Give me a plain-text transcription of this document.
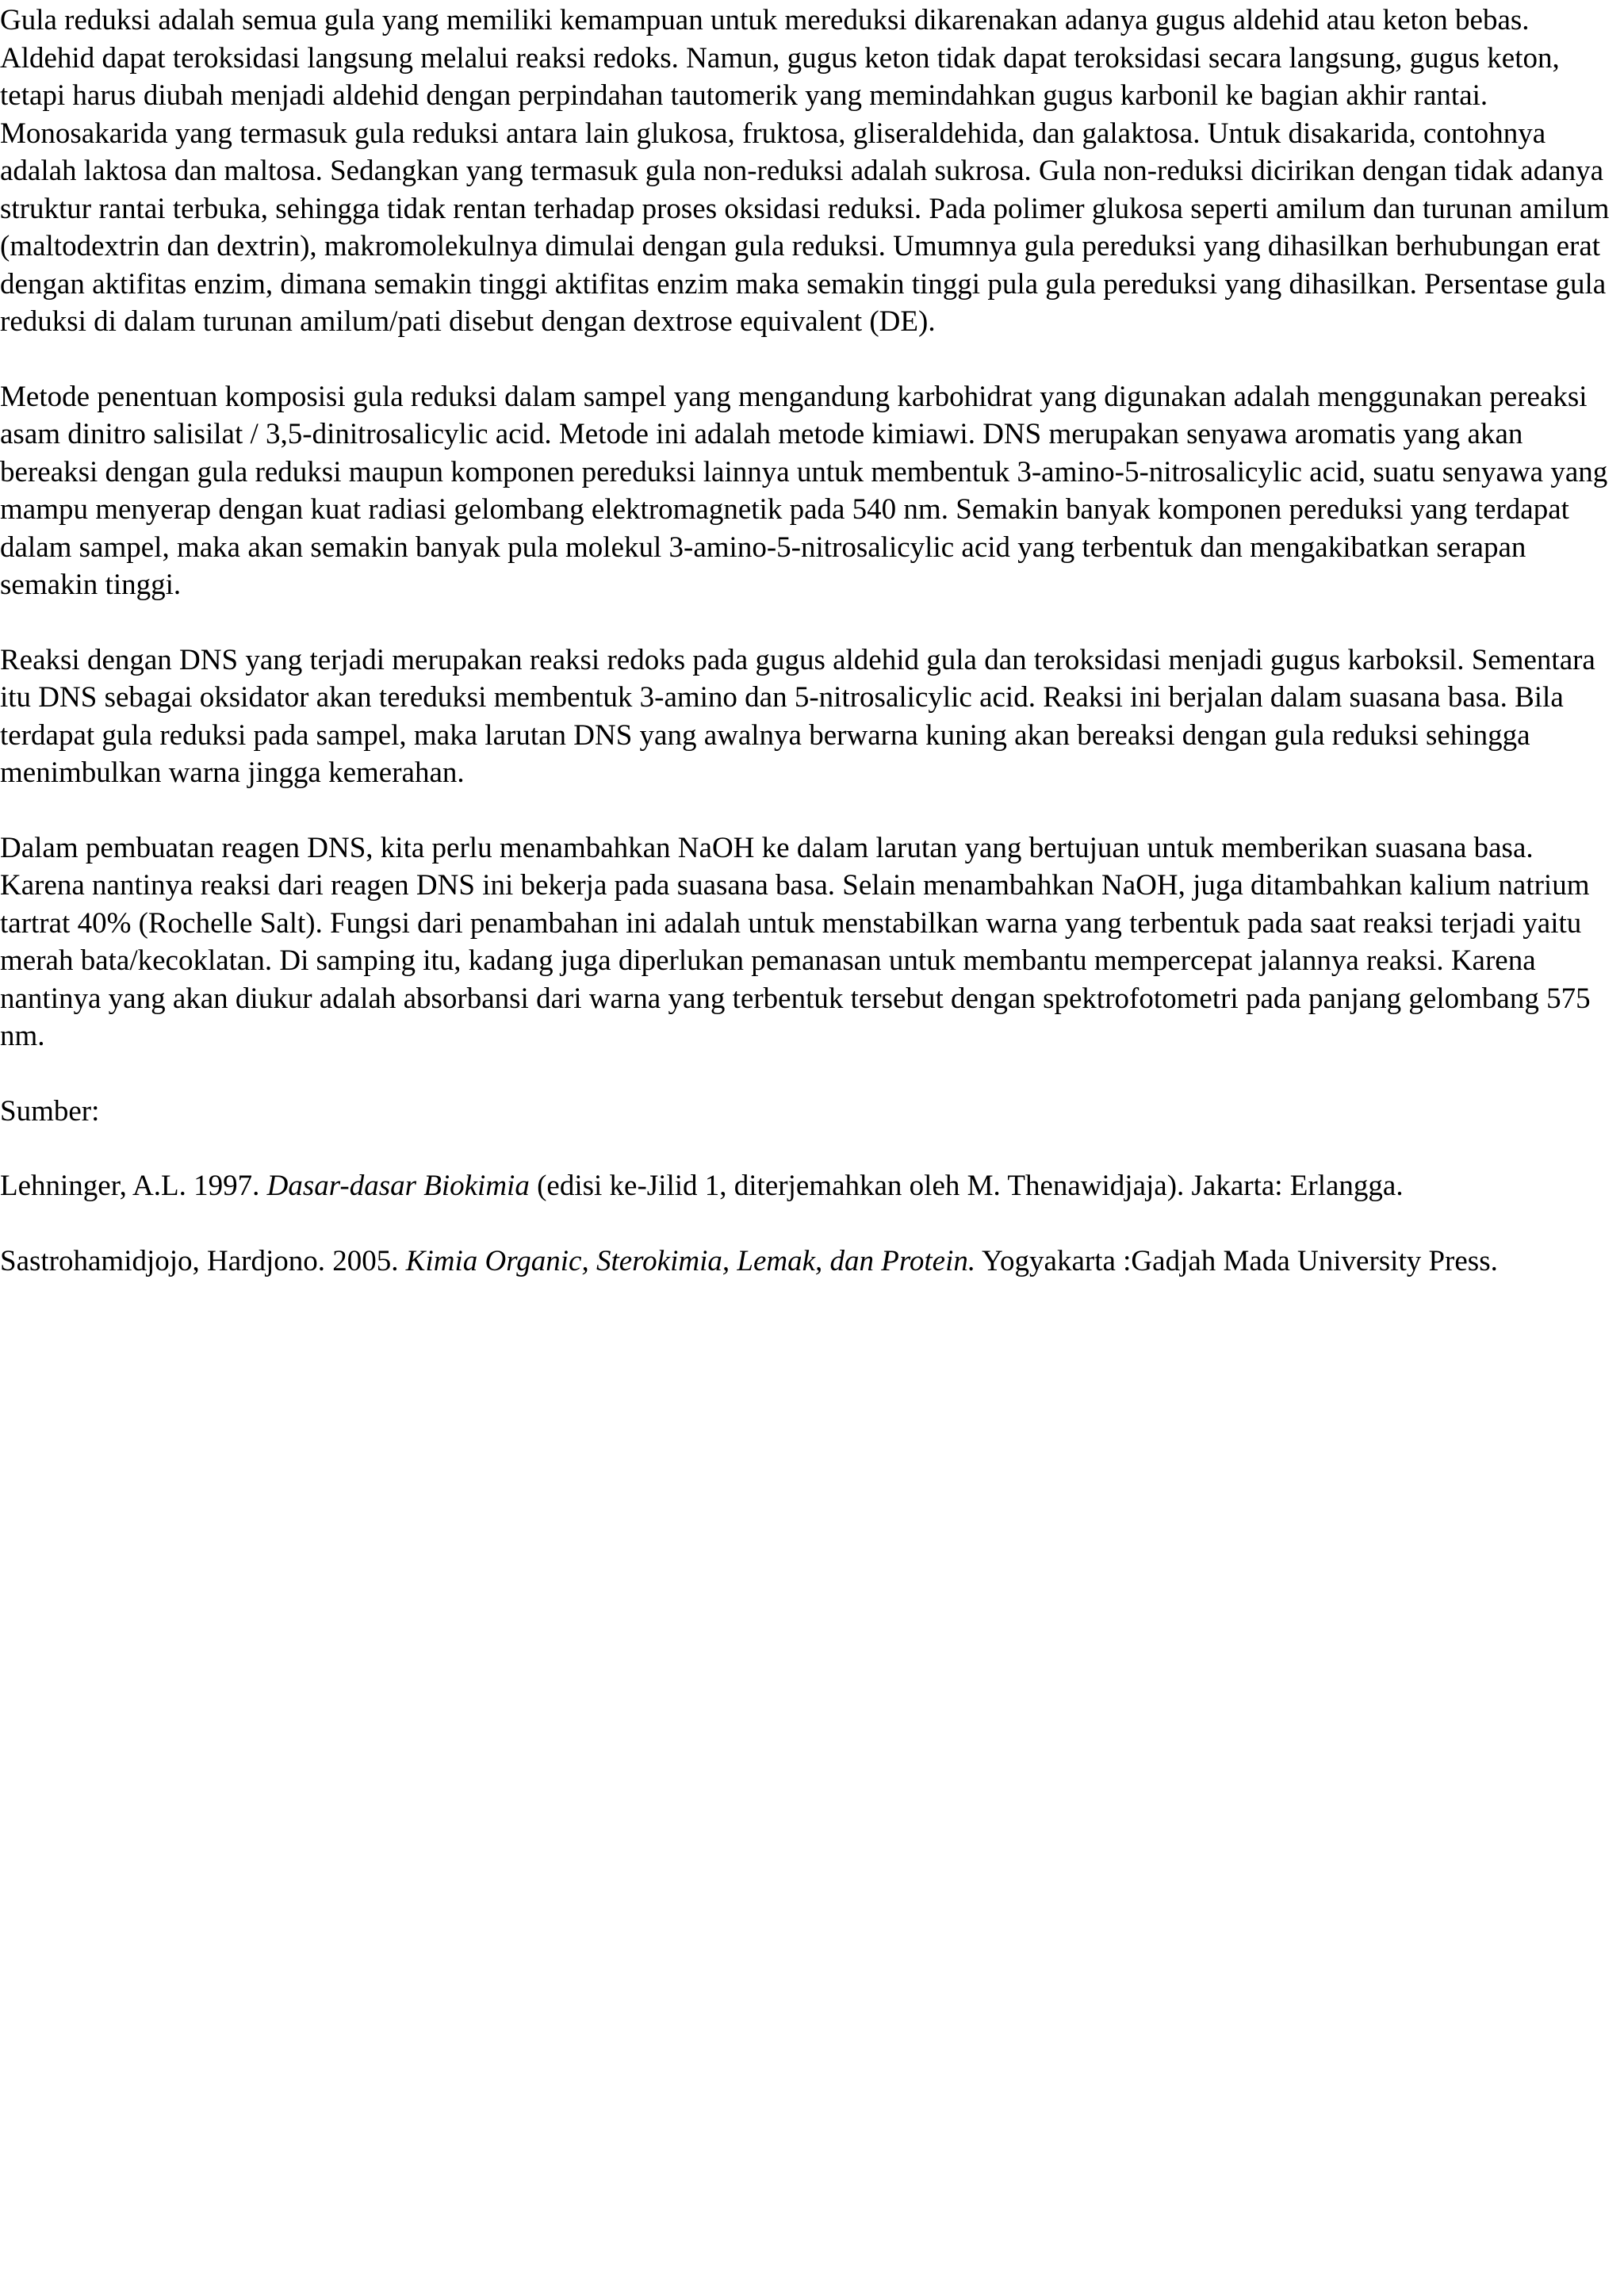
Gula reduksi adalah semua gula yang memiliki kemampuan untuk mereduksi dikarenakan adanya gugus aldehid atau keton bebas. Aldehid dapat teroksidasi langsung melalui reaksi redoks. Namun, gugus keton tidak dapat teroksidasi secara langsung, gugus keton, tetapi harus diubah menjadi aldehid dengan perpindahan tautomerik yang memindahkan gugus karbonil ke bagian akhir rantai. Monosakarida yang termasuk gula reduksi antara lain glukosa, fruktosa, gliseraldehida, dan galaktosa. Untuk disakarida, contohnya adalah laktosa dan maltosa. Sedangkan yang termasuk gula non-reduksi adalah sukrosa. Gula non-reduksi dicirikan dengan tidak adanya struktur rantai terbuka, sehingga tidak rentan terhadap proses oksidasi reduksi. Pada polimer glukosa seperti amilum dan turunan amilum (maltodextrin dan dextrin), makromolekulnya dimulai dengan gula reduksi. Umumnya gula pereduksi yang dihasilkan berhubungan erat dengan aktifitas enzim, dimana semakin tinggi aktifitas enzim maka semakin tinggi pula gula pereduksi yang dihasilkan. Persentase gula reduksi di dalam turunan amilum/pati disebut dengan dextrose equivalent (DE).

Metode penentuan komposisi gula reduksi dalam sampel yang mengandung karbohidrat yang digunakan adalah menggunakan pereaksi asam dinitro salisilat / 3,5-dinitrosalicylic acid. Metode ini adalah metode kimiawi. DNS merupakan senyawa aromatis yang akan bereaksi dengan gula reduksi maupun komponen pereduksi lainnya untuk membentuk 3-amino-5-nitrosalicylic acid, suatu senyawa yang mampu menyerap dengan kuat radiasi gelombang elektromagnetik pada 540 nm. Semakin banyak komponen pereduksi yang terdapat dalam sampel, maka akan semakin banyak pula molekul 3-amino-5-nitrosalicylic acid yang terbentuk dan mengakibatkan serapan semakin tinggi.

Reaksi dengan DNS yang terjadi merupakan reaksi redoks pada gugus aldehid gula dan teroksidasi menjadi gugus karboksil. Sementara itu DNS sebagai oksidator akan tereduksi membentuk 3-amino dan 5-nitrosalicylic acid. Reaksi ini berjalan dalam suasana basa. Bila terdapat gula reduksi pada sampel, maka larutan DNS yang awalnya berwarna kuning akan bereaksi dengan gula reduksi sehingga menimbulkan warna jingga kemerahan.

Dalam pembuatan reagen DNS, kita perlu menambahkan NaOH ke dalam larutan yang bertujuan untuk memberikan suasana basa. Karena nantinya reaksi dari reagen DNS ini bekerja pada suasana basa. Selain menambahkan NaOH, juga ditambahkan kalium natrium tartrat 40% (Rochelle Salt). Fungsi dari penambahan ini adalah untuk menstabilkan warna yang terbentuk pada saat reaksi terjadi yaitu merah bata/kecoklatan. Di samping itu, kadang juga diperlukan pemanasan untuk membantu mempercepat jalannya reaksi. Karena nantinya yang akan diukur adalah absorbansi dari warna yang terbentuk tersebut dengan spektrofotometri pada panjang gelombang 575 nm.

Sumber:

Lehninger, A.L. 1997. Dasar-dasar Biokimia (edisi ke-Jilid 1, diterjemahkan oleh M. Thenawidjaja). Jakarta: Erlangga.

Sastrohamidjojo, Hardjono. 2005. Kimia Organic, Sterokimia, Lemak, dan Protein. Yogyakarta :Gadjah Mada University Press.
